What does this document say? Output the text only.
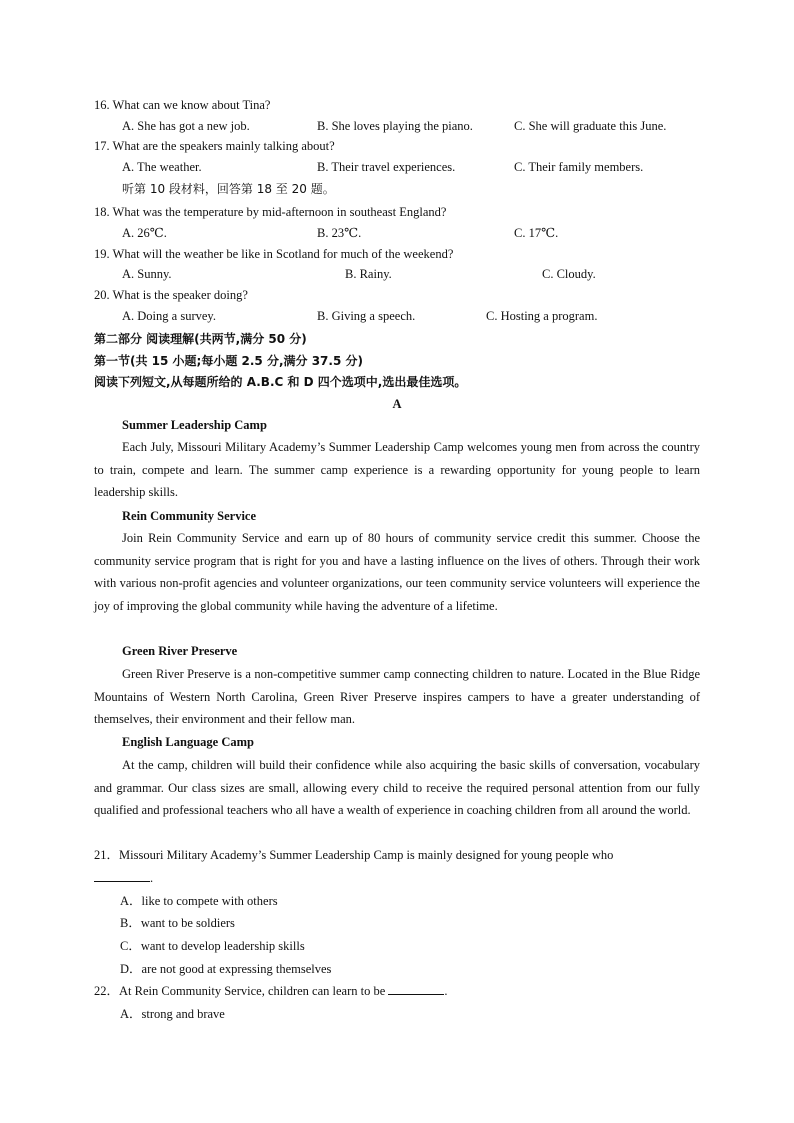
16. What can we know about Tina?
A. She has got a new job.	B. She loves playing the piano.	C. She will graduate this June.
17. What are the speakers mainly talking about?
A. The weather.	B. Their travel experiences.	C. Their family members.
听第 10 段材料，回答第 18 至 20 题。
18. What was the temperature by mid-afternoon in southeast England?
A. 26℃.	B. 23℃.	C. 17℃.
19. What will the weather be like in Scotland for much of the weekend?
A. Sunny.	B. Rainy.	C. Cloudy.
20. What is the speaker doing?
A. Doing a survey.	B. Giving a speech.	C. Hosting a program.
第二部分 阅读理解(共两节,满分 50 分)
第一节(共 15 小题;每小题 2.5 分,满分 37.5 分)
阅读下列短文,从每题所给的 A.B.C 和 D 四个选项中,选出最佳选项。
A
Summer Leadership Camp

Each July, Missouri Military Academy’s Summer Leadership Camp welcomes young men from across the country to train, compete and learn. The summer camp experience is a rewarding opportunity for young people to learn leadership skills.

Rein Community Service

Join Rein Community Service and earn up of 80 hours of community service credit this summer. Choose the community service program that is right for you and have a lasting influence on the lives of others. Through their work with various non-profit agencies and volunteer organizations, our teen community service volunteers will experience the joy of improving the global community while having the adventure of a lifetime.

Green River Preserve

Green River Preserve is a non-competitive summer camp connecting children to nature. Located in the Blue Ridge Mountains of Western North Carolina, Green River Preserve inspires campers to have a greater understanding of themselves, their environment and their fellow man.

English Language Camp

At the camp, children will build their confidence while also acquiring the basic skills of conversation, vocabulary and grammar. Our class sizes are small, allowing every child to receive the required personal attention from our fully qualified and professional teachers who all have a wealth of experience in coaching children from all around the world.

21．Missouri Military Academy’s Summer Leadership Camp is mainly designed for young people who
.
A．like to compete with others
B．want to be soldiers
C．want to develop leadership skills
D．are not good at expressing themselves
22．At Rein Community Service, children can learn to be	.
A．strong and brave
